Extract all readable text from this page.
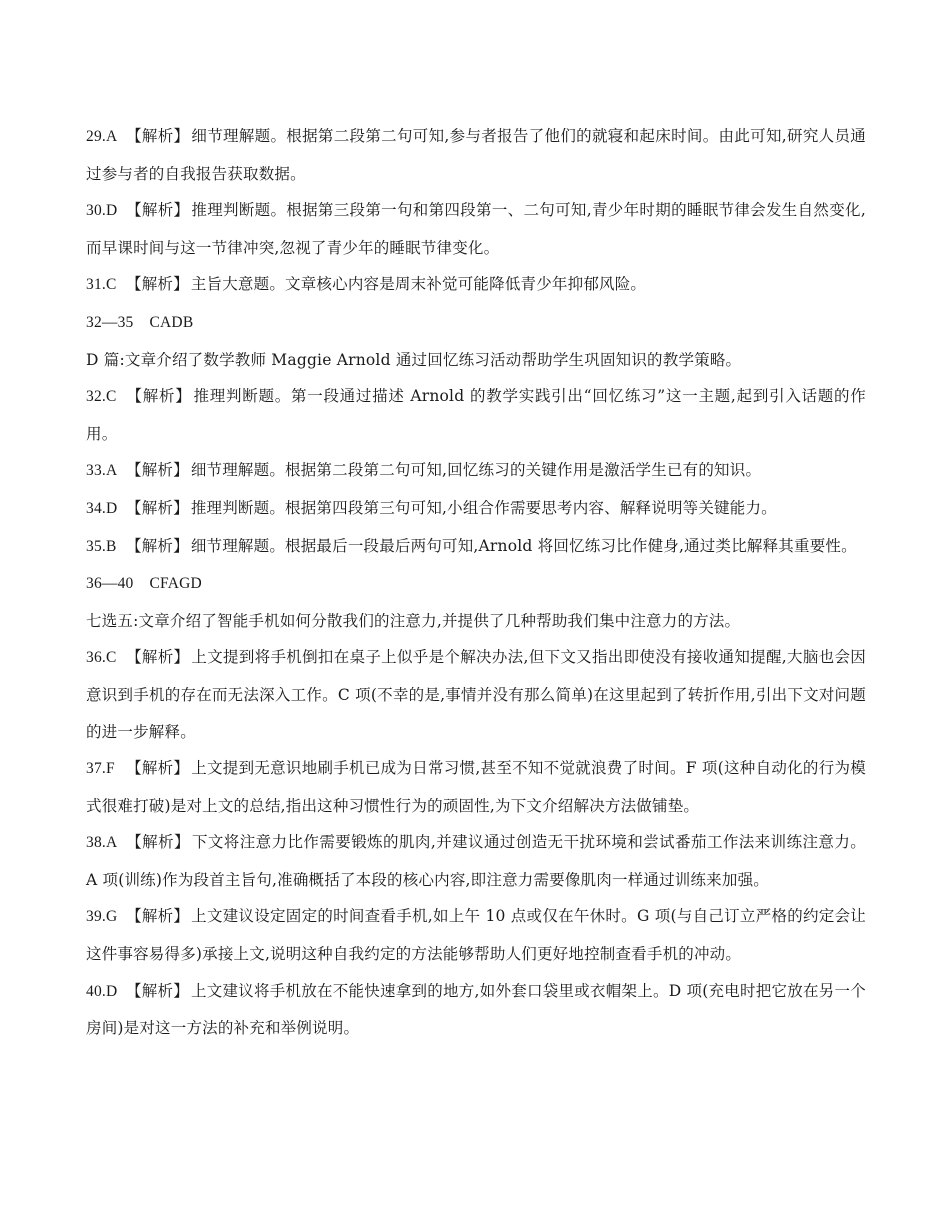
29.A 【解析】 细节理解题。根据第二段第二句可知,参与者报告了他们的就寝和起床时间。由此可知,研究人员通过参与者的自我报告获取数据。

30.D 【解析】 推理判断题。根据第三段第一句和第四段第一、二句可知,青少年时期的睡眠节律会发生自然变化,而早课时间与这一节律冲突,忽视了青少年的睡眠节律变化。

31.C 【解析】 主旨大意题。文章核心内容是周末补觉可能降低青少年抑郁风险。

32—35 CADB

D 篇:文章介绍了数学教师 Maggie Arnold 通过回忆练习活动帮助学生巩固知识的教学策略。

32.C 【解析】 推理判断题。第一段通过描述 Arnold 的教学实践引出“回忆练习”这一主题,起到引入话题的作用。

33.A 【解析】 细节理解题。根据第二段第二句可知,回忆练习的关键作用是激活学生已有的知识。

34.D 【解析】 推理判断题。根据第四段第三句可知,小组合作需要思考内容、解释说明等关键能力。

35.B 【解析】 细节理解题。根据最后一段最后两句可知,Arnold 将回忆练习比作健身,通过类比解释其重要性。

36—40 CFAGD

七选五:文章介绍了智能手机如何分散我们的注意力,并提供了几种帮助我们集中注意力的方法。

36.C 【解析】 上文提到将手机倒扣在桌子上似乎是个解决办法,但下文又指出即使没有接收通知提醒,大脑也会因意识到手机的存在而无法深入工作。C 项(不幸的是,事情并没有那么简单)在这里起到了转折作用,引出下文对问题的进一步解释。

37.F 【解析】 上文提到无意识地刷手机已成为日常习惯,甚至不知不觉就浪费了时间。F 项(这种自动化的行为模式很难打破)是对上文的总结,指出这种习惯性行为的顽固性,为下文介绍解决方法做铺垫。

38.A 【解析】 下文将注意力比作需要锻炼的肌肉,并建议通过创造无干扰环境和尝试番茄工作法来训练注意力。A 项(训练)作为段首主旨句,准确概括了本段的核心内容,即注意力需要像肌肉一样通过训练来加强。

39.G 【解析】 上文建议设定固定的时间查看手机,如上午 10 点或仅在午休时。G 项(与自己订立严格的约定会让这件事容易得多)承接上文,说明这种自我约定的方法能够帮助人们更好地控制查看手机的冲动。

40.D 【解析】 上文建议将手机放在不能快速拿到的地方,如外套口袋里或衣帽架上。D 项(充电时把它放在另一个房间)是对这一方法的补充和举例说明。
